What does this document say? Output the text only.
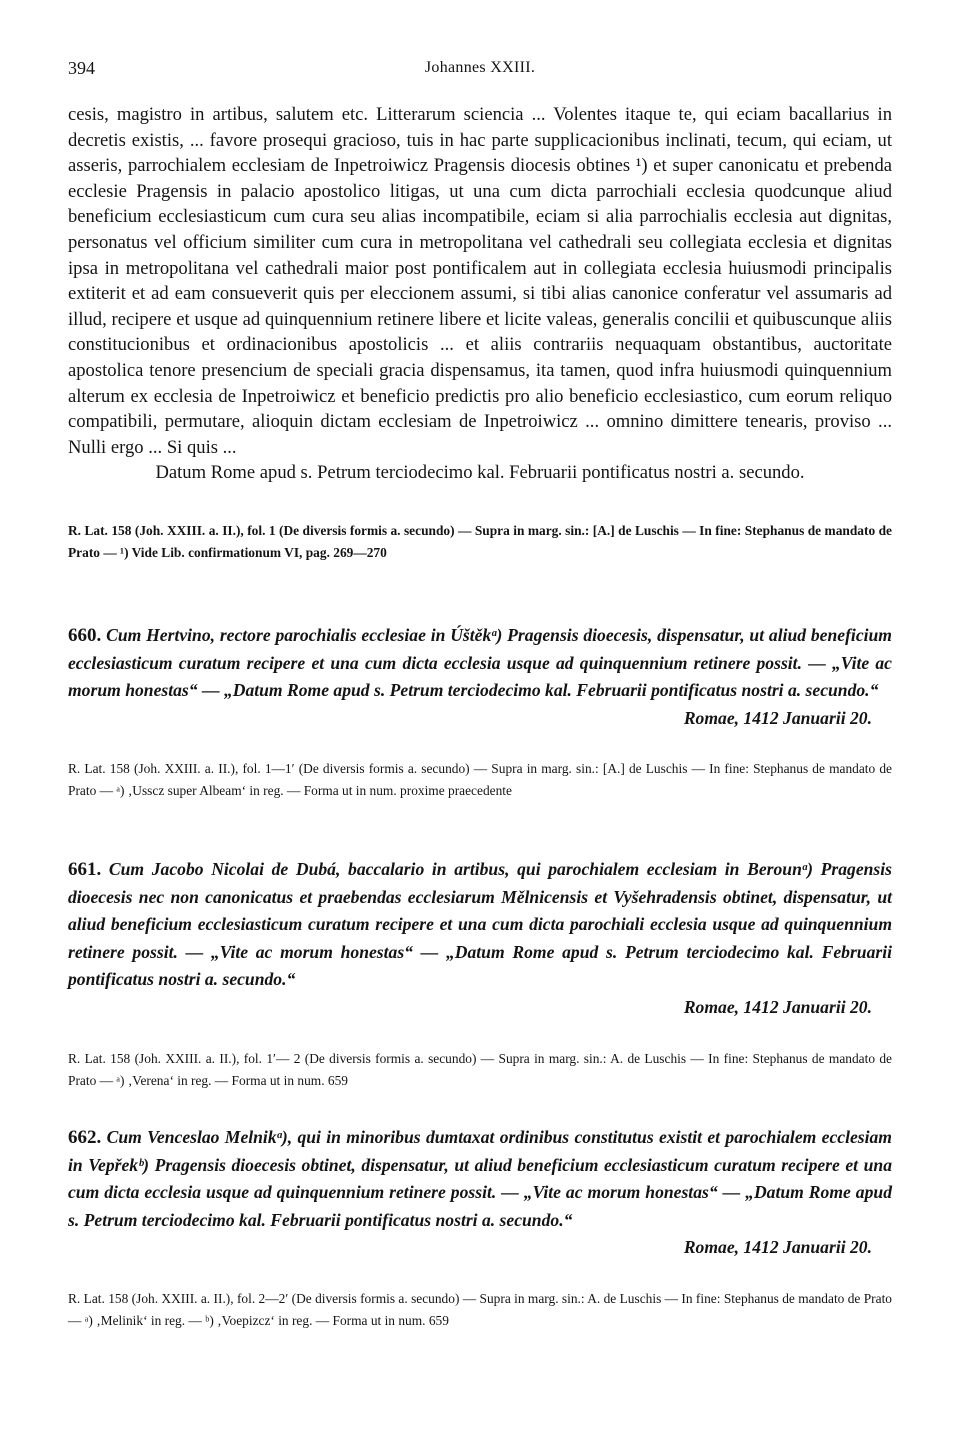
394	Johannes XXIII.

cesis, magistro in artibus, salutem etc. Litterarum sciencia ... Volentes itaque te, qui eciam bacallarius in decretis existis, ... favore prosequi gracioso, tuis in hac parte supplicacionibus inclinati, tecum, qui eciam, ut asseris, parrochialem ecclesiam de Inpetroiwicz Pragensis diocesis obtines ¹) et super canonicatu et prebenda ecclesie Pragensis in palacio apostolico litigas, ut una cum dicta parrochiali ecclesia quodcunque aliud beneficium ecclesiasticum cum cura seu alias incompatibile, eciam si alia parrochialis ecclesia aut dignitas, personatus vel officium similiter cum cura in metropolitana vel cathedrali seu collegiata ecclesia et dignitas ipsa in metropolitana vel cathedrali maior post pontificalem aut in collegiata ecclesia huiusmodi principalis extiterit et ad eam consueverit quis per eleccionem assumi, si tibi alias canonice conferatur vel assumaris ad illud, recipere et usque ad quinquennium retinere libere et licite valeas, generalis concilii et quibuscunque aliis constitucionibus et ordinacionibus apostolicis ... et aliis contrariis nequaquam obstantibus, auctoritate apostolica tenore presencium de speciali gracia dispensamus, ita tamen, quod infra huiusmodi quinquennium alterum ex ecclesia de Inpetroiwicz et beneficio predictis pro alio beneficio ecclesiastico, cum eorum reliquo compatibili, permutare, alioquin dictam ecclesiam de Inpetroiwicz ... omnino dimittere tenearis, proviso ... Nulli ergo ... Si quis ...

Datum Rome apud s. Petrum terciodecimo kal. Februarii pontificatus nostri a. secundo.

R. Lat. 158 (Joh. XXIII. a. II.), fol. 1 (De diversis formis a. secundo) — Supra in marg. sin.: [A.] de Luschis — In fine: Stephanus de mandato de Prato — ¹) Vide Lib. confirmationum VI, pag. 269—270

660. Cum Hertvino, rectore parochialis ecclesiae in Úštěkᵃ) Pragensis dioecesis, dispensatur, ut aliud beneficium ecclesiasticum curatum recipere et una cum dicta ecclesia usque ad quinquennium retinere possit. — „Vite ac morum honestas“ — „Datum Rome apud s. Petrum terciodecimo kal. Februarii pontificatus nostri a. secundo.“

Romae, 1412 Januarii 20.

R. Lat. 158 (Joh. XXIII. a. II.), fol. 1—1′ (De diversis formis a. secundo) — Supra in marg. sin.: [A.] de Luschis — In fine: Stephanus de mandato de Prato — ᵃ) ‚Usscz super Albeam‘ in reg. — Forma ut in num. proxime praecedente

661. Cum Jacobo Nicolai de Dubá, baccalario in artibus, qui parochialem ecclesiam in Berounᵃ) Pragensis dioecesis nec non canonicatus et praebendas ecclesiarum Mělnicensis et Vyšehradensis obtinet, dispensatur, ut aliud beneficium ecclesiasticum curatum recipere et una cum dicta parochiali ecclesia usque ad quinquennium retinere possit. — „Vite ac morum honestas“ — „Datum Rome apud s. Petrum terciodecimo kal. Februarii pontificatus nostri a. secundo.“

Romae, 1412 Januarii 20.

R. Lat. 158 (Joh. XXIII. a. II.), fol. 1′— 2 (De diversis formis a. secundo) — Supra in marg. sin.: A. de Luschis — In fine: Stephanus de mandato de Prato — ᵃ) ‚Verena‘ in reg. — Forma ut in num. 659

662. Cum Venceslao Melnikᵃ), qui in minoribus dumtaxat ordinibus constitutus existit et parochialem ecclesiam in Vepřekᵇ) Pragensis dioecesis obtinet, dispensatur, ut aliud beneficium ecclesiasticum curatum recipere et una cum dicta ecclesia usque ad quinquennium retinere possit. — „Vite ac morum honestas“ — „Datum Rome apud s. Petrum terciodecimo kal. Februarii pontificatus nostri a. secundo.“

Romae, 1412 Januarii 20.

R. Lat. 158 (Joh. XXIII. a. II.), fol. 2—2′ (De diversis formis a. secundo) — Supra in marg. sin.: A. de Luschis — In fine: Stephanus de mandato de Prato — ᵃ) ‚Melinik‘ in reg. — ᵇ) ‚Voepizcz‘ in reg. — Forma ut in num. 659
